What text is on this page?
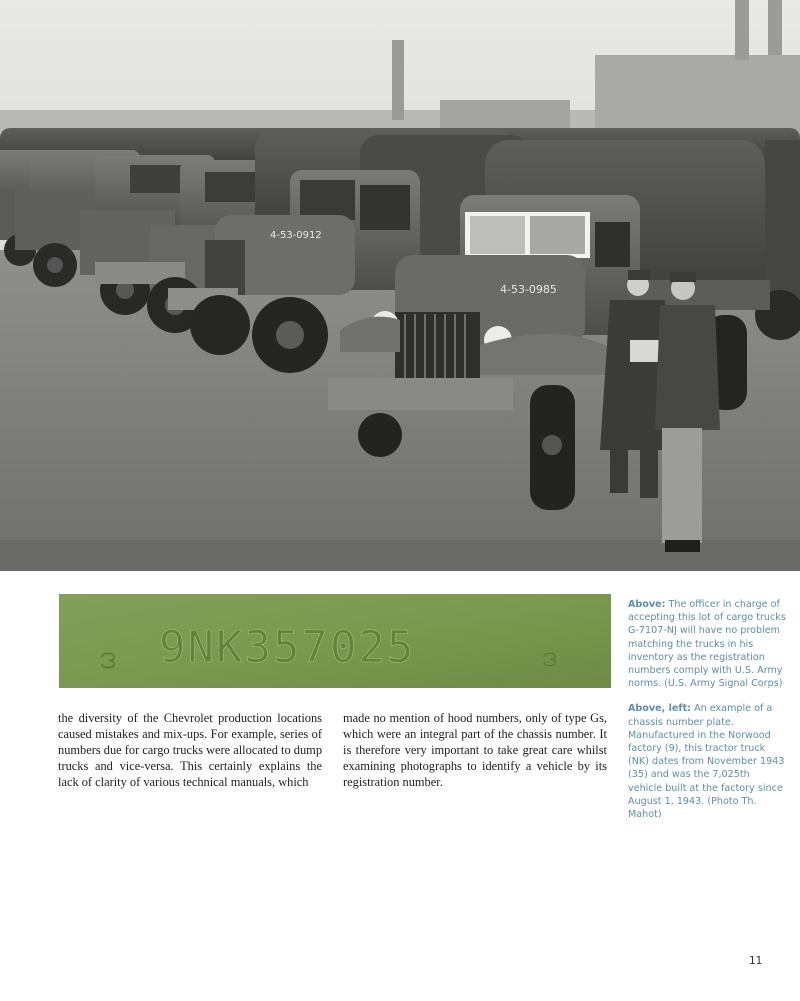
4-53-0912
4-53-0985
ဒ	ဒ
9NK357025

the diversity of the Chevrolet production locations caused mistakes and mix-ups. For example, series of numbers due for cargo trucks were allocated to dump trucks and vice-versa. This certainly explains the lack of clarity of various technical manuals, which

made no mention of hood numbers, only of type Gs, which were an integral part of the chassis number. It is therefore very important to take great care whilst examining photographs to identify a vehicle by its registration number.

Above: The officer in charge of accepting this lot of cargo trucks G-7107-NJ will have no problem matching the trucks in his inventory as the registration numbers comply with U.S. Army norms. (U.S. Army Signal Corps)

Above, left: An example of a chassis number plate. Manufactured in the Norwood factory (9), this tractor truck (NK) dates from November 1943 (35) and was the 7,025th vehicle built at the factory since August 1, 1943. (Photo Th. Mahot)

11
